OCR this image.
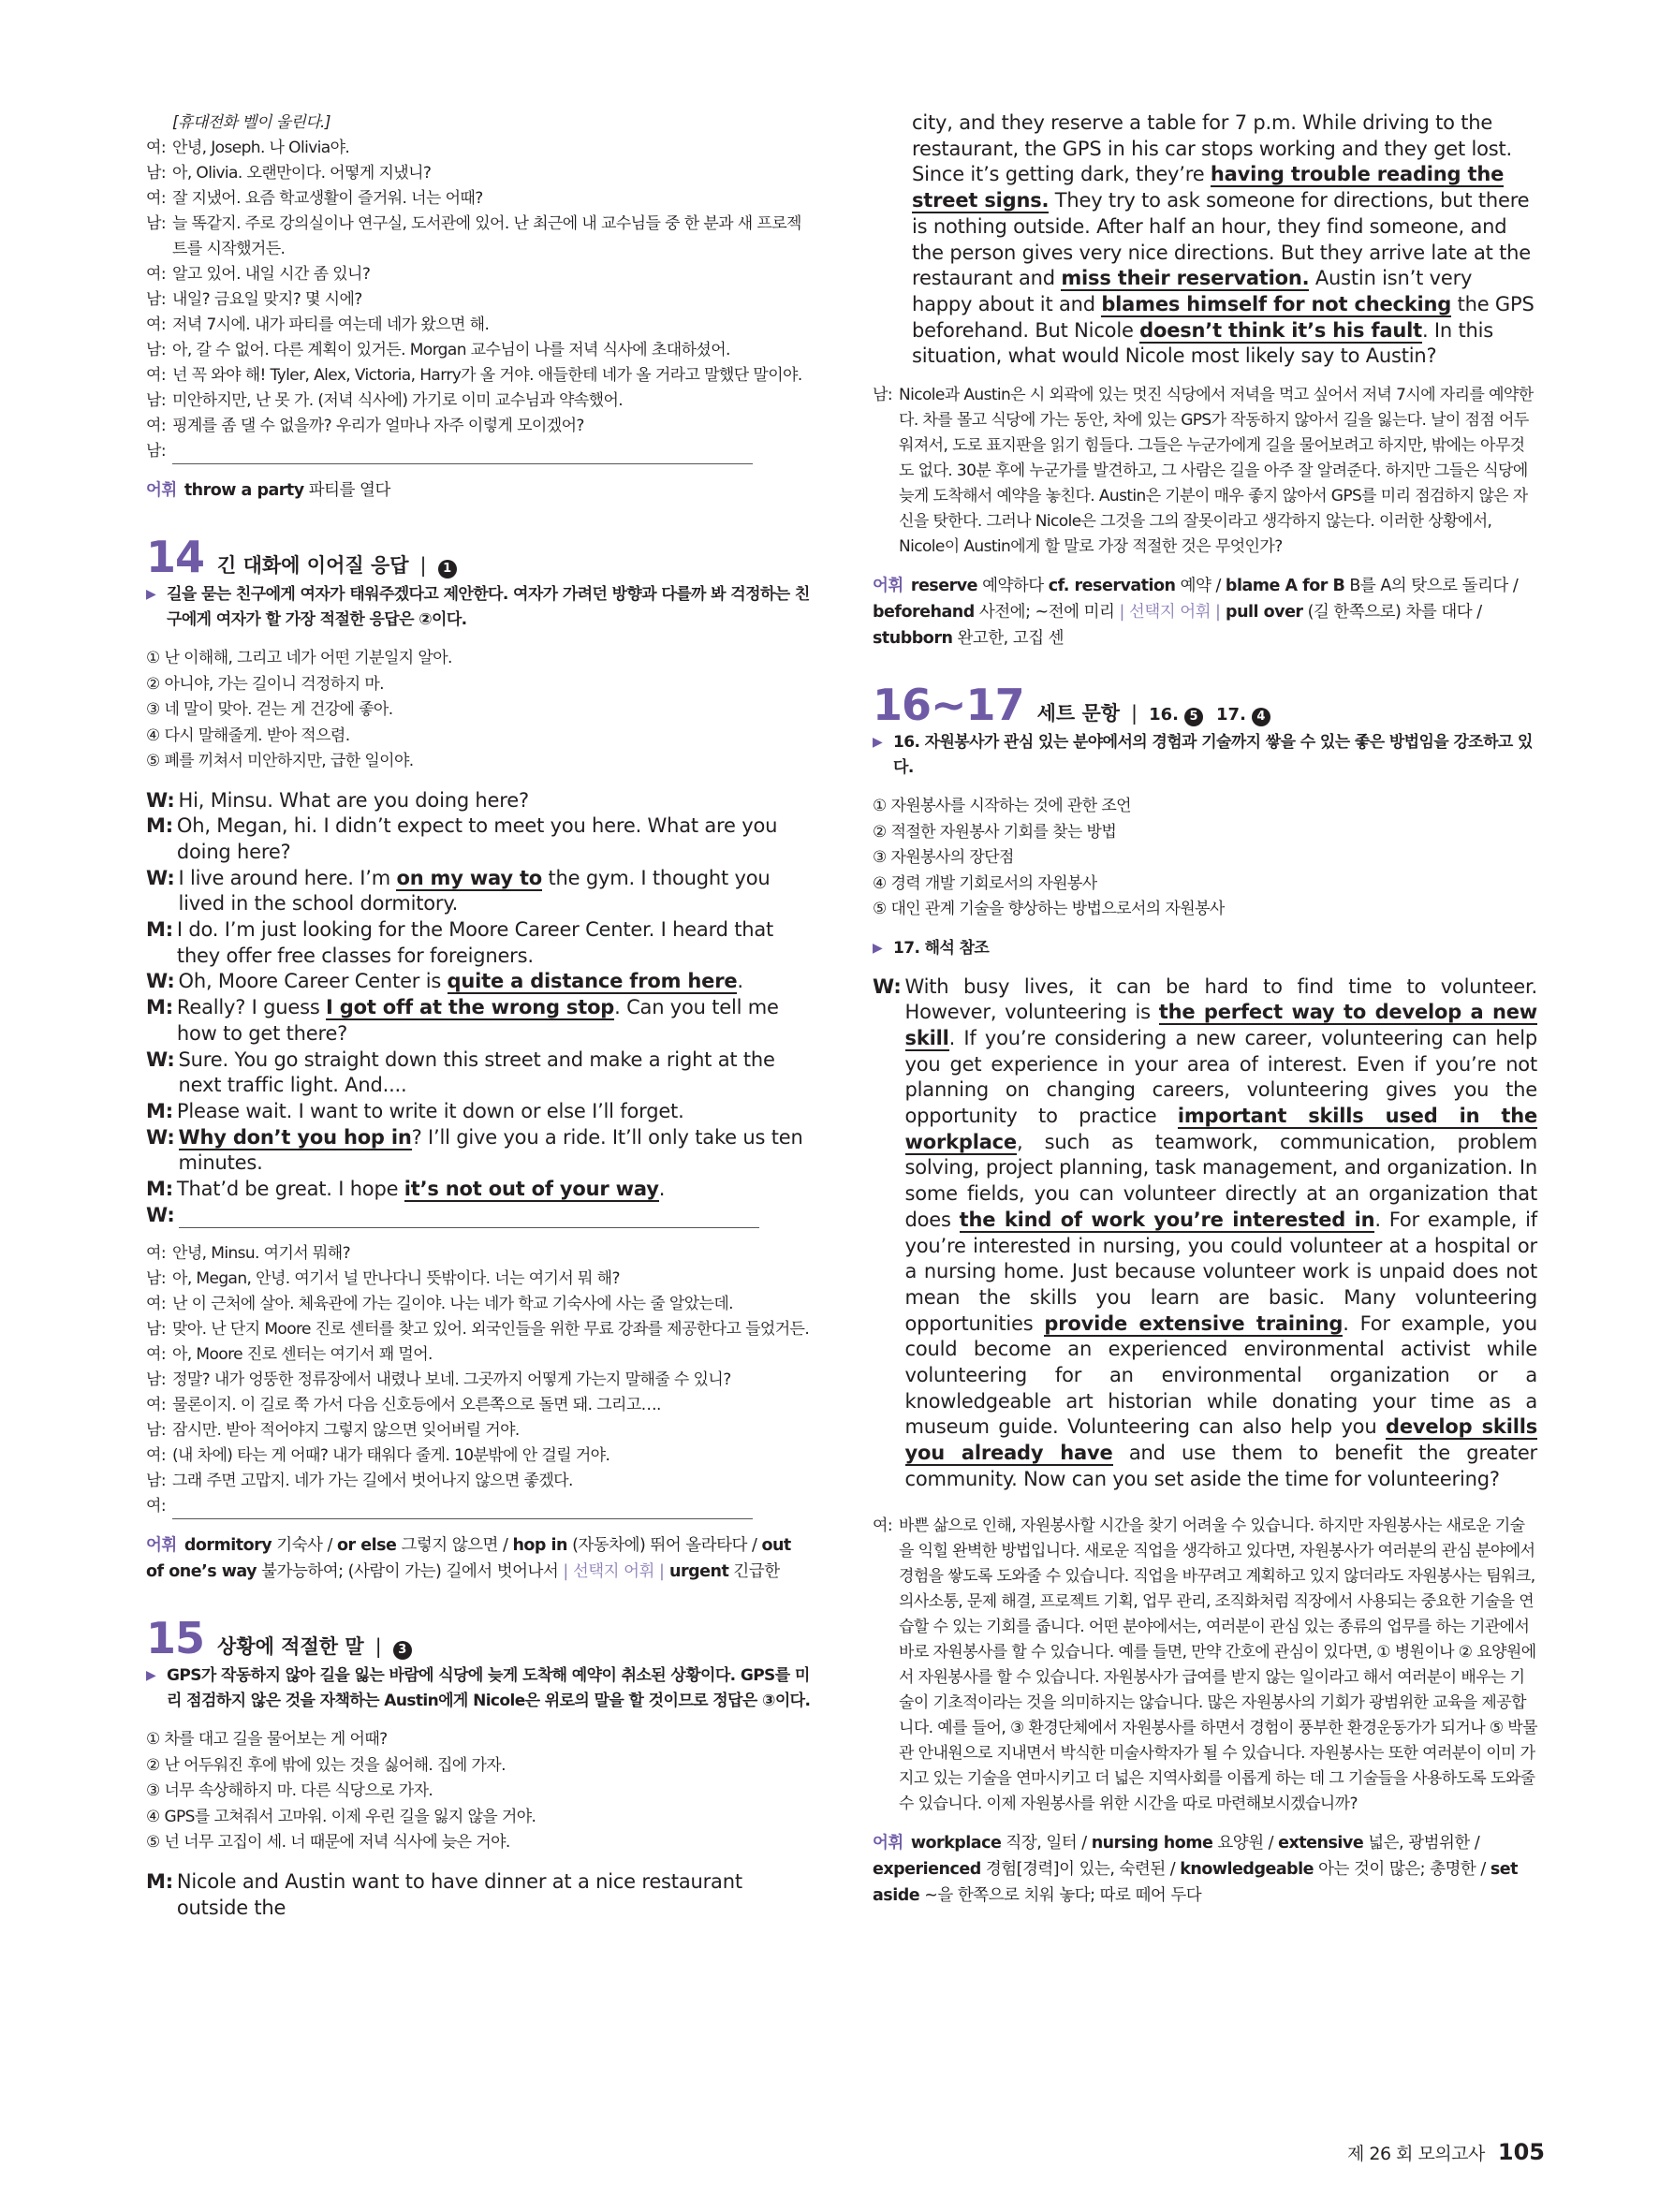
[휴대전화 벨이 울린다.]
여: 안녕, Joseph. 나 Olivia야.
남: 아, Olivia. 오랜만이다. 어떻게 지냈니?
여: 잘 지냈어. 요즘 학교생활이 즐거워. 너는 어때?
남: 늘 똑같지. 주로 강의실이나 연구실, 도서관에 있어. 난 최근에 내 교수님들 중 한 분과 새 프로젝트를 시작했거든.
여: 알고 있어. 내일 시간 좀 있니?
남: 내일? 금요일 맞지? 몇 시에?
여: 저녁 7시에. 내가 파티를 여는데 네가 왔으면 해.
남: 아, 갈 수 없어. 다른 계획이 있거든. Morgan 교수님이 나를 저녁 식사에 초대하셨어.
여: 넌 꼭 와야 해! Tyler, Alex, Victoria, Harry가 올 거야. 애들한테 네가 올 거라고 말했단 말이야.
남: 미안하지만, 난 못 가. (저녁 식사에) 가기로 이미 교수님과 약속했어.
여: 핑계를 좀 댈 수 없을까? 우리가 얼마나 자주 이렇게 모이겠어?
남:

어휘 throw a party 파티를 열다

14 긴 대화에 이어질 응답 |	1
▶ 길을 묻는 친구에게 여자가 태워주겠다고 제안한다. 여자가 가려던 방향과 다를까 봐 걱정하는 친구에게 여자가 할 가장 적절한 응답은 ②이다.

① 난 이해해, 그리고 네가 어떤 기분일지 알아.

② 아니야, 가는 길이니 걱정하지 마.

③ 네 말이 맞아. 걷는 게 건강에 좋아.

④ 다시 말해줄게. 받아 적으렴.

⑤ 폐를 끼쳐서 미안하지만, 급한 일이야.

W: Hi, Minsu. What are you doing here?
M: Oh, Megan, hi. I didn’t expect to meet you here. What are you doing here?
W: I live around here. I’m on my way to the gym. I thought you lived in the school dormitory.
M: I do. I’m just looking for the Moore Career Center. I heard that they offer free classes for foreigners.
W: Oh, Moore Career Center is quite a distance from here.
M: Really? I guess I got off at the wrong stop. Can you tell me how to get there?
W: Sure. You go straight down this street and make a right at the next traffic light. And....
M: Please wait. I want to write it down or else I’ll forget.
W: Why don’t you hop in? I’ll give you a ride. It’ll only take us ten minutes.
M: That’d be great. I hope it’s not out of your way.
W:
여: 안녕, Minsu. 여기서 뭐해?
남: 아, Megan, 안녕. 여기서 널 만나다니 뜻밖이다. 너는 여기서 뭐 해?
여: 난 이 근처에 살아. 체육관에 가는 길이야. 나는 네가 학교 기숙사에 사는 줄 알았는데.
남: 맞아. 난 단지 Moore 진로 센터를 찾고 있어. 외국인들을 위한 무료 강좌를 제공한다고 들었거든.
여: 아, Moore 진로 센터는 여기서 꽤 멀어.
남: 정말? 내가 엉뚱한 정류장에서 내렸나 보네. 그곳까지 어떻게 가는지 말해줄 수 있니?
여: 물론이지. 이 길로 쭉 가서 다음 신호등에서 오른쪽으로 돌면 돼. 그리고….
남: 잠시만. 받아 적어야지 그렇지 않으면 잊어버릴 거야.
여: (내 차에) 타는 게 어때? 내가 태워다 줄게. 10분밖에 안 걸릴 거야.
남: 그래 주면 고맙지. 네가 가는 길에서 벗어나지 않으면 좋겠다.
여:

어휘 dormitory 기숙사 / or else 그렇지 않으면 / hop in (자동차에) 뛰어 올라타다 / out of one’s way 불가능하여; (사람이 가는) 길에서 벗어나서 | 선택지 어휘 | urgent 긴급한

15 상황에 적절한 말 |	3
▶ GPS가 작동하지 않아 길을 잃는 바람에 식당에 늦게 도착해 예약이 취소된 상황이다. GPS를 미리 점검하지 않은 것을 자책하는 Austin에게 Nicole은 위로의 말을 할 것이므로 정답은 ③이다.

① 차를 대고 길을 물어보는 게 어때?

② 난 어두워진 후에 밖에 있는 것을 싫어해. 집에 가자.

③ 너무 속상해하지 마. 다른 식당으로 가자.

④ GPS를 고쳐줘서 고마워. 이제 우린 길을 잃지 않을 거야.

⑤ 넌 너무 고집이 세. 너 때문에 저녁 식사에 늦은 거야.

M: Nicole and Austin want to have dinner at a nice restaurant outside the
city, and they reserve a table for 7 p.m. While driving to the restaurant, the GPS in his car stops working and they get lost. Since it’s getting dark, they’re having trouble reading the street signs. They try to ask someone for directions, but there is nothing outside. After half an hour, they find someone, and the person gives very nice directions. But they arrive late at the restaurant and miss their reservation. Austin isn’t very happy about it and blames himself for not checking the GPS beforehand. But Nicole doesn’t think it’s his fault. In this situation, what would Nicole most likely say to Austin?
남: Nicole과 Austin은 시 외곽에 있는 멋진 식당에서 저녁을 먹고 싶어서 저녁 7시에 자리를 예약한다. 차를 몰고 식당에 가는 동안, 차에 있는 GPS가 작동하지 않아서 길을 잃는다. 날이 점점 어두워져서, 도로 표지판을 읽기 힘들다. 그들은 누군가에게 길을 물어보려고 하지만, 밖에는 아무것도 없다. 30분 후에 누군가를 발견하고, 그 사람은 길을 아주 잘 알려준다. 하지만 그들은 식당에 늦게 도착해서 예약을 놓친다. Austin은 기분이 매우 좋지 않아서 GPS를 미리 점검하지 않은 자신을 탓한다. 그러나 Nicole은 그것을 그의 잘못이라고 생각하지 않는다. 이러한 상황에서, Nicole이 Austin에게 할 말로 가장 적절한 것은 무엇인가?

어휘 reserve 예약하다 cf. reservation 예약 / blame A for B B를 A의 탓으로 돌리다 / beforehand 사전에; ~전에 미리 | 선택지 어휘 | pull over (길 한쪽으로) 차를 대다 / stubborn 완고한, 고집 센

16~17 세트 문항 | 16. 5	17. 4
▶ 16. 자원봉사가 관심 있는 분야에서의 경험과 기술까지 쌓을 수 있는 좋은 방법임을 강조하고 있다.

① 자원봉사를 시작하는 것에 관한 조언

② 적절한 자원봉사 기회를 찾는 방법

③ 자원봉사의 장단점

④ 경력 개발 기회로서의 자원봉사

⑤ 대인 관계 기술을 향상하는 방법으로서의 자원봉사

▶ 17. 해석 참조
W: With busy lives, it can be hard to find time to volunteer. However, volunteering is the perfect way to develop a new skill. If you’re considering a new career, volunteering can help you get experience in your area of interest. Even if you’re not planning on changing careers, volunteering gives you the opportunity to practice important skills used in the workplace, such as teamwork, communication, problem solving, project planning, task management, and organization. In some fields, you can volunteer directly at an organization that does the kind of work you’re interested in. For example, if you’re interested in nursing, you could volunteer at a hospital or a nursing home. Just because volunteer work is unpaid does not mean the skills you learn are basic. Many volunteering opportunities provide extensive training. For example, you could become an experienced environmental activist while volunteering for an environmental organization or a knowledgeable art historian while donating your time as a museum guide. Volunteering can also help you develop skills you already have and use them to benefit the greater community. Now can you set aside the time for volunteering?
여: 바쁜 삶으로 인해, 자원봉사할 시간을 찾기 어려울 수 있습니다. 하지만 자원봉사는 새로운 기술을 익힐 완벽한 방법입니다. 새로운 직업을 생각하고 있다면, 자원봉사가 여러분의 관심 분야에서 경험을 쌓도록 도와줄 수 있습니다. 직업을 바꾸려고 계획하고 있지 않더라도 자원봉사는 팀워크, 의사소통, 문제 해결, 프로젝트 기획, 업무 관리, 조직화처럼 직장에서 사용되는 중요한 기술을 연습할 수 있는 기회를 줍니다. 어떤 분야에서는, 여러분이 관심 있는 종류의 업무를 하는 기관에서 바로 자원봉사를 할 수 있습니다. 예를 들면, 만약 간호에 관심이 있다면, ① 병원이나 ② 요양원에서 자원봉사를 할 수 있습니다. 자원봉사가 급여를 받지 않는 일이라고 해서 여러분이 배우는 기술이 기초적이라는 것을 의미하지는 않습니다. 많은 자원봉사의 기회가 광범위한 교육을 제공합니다. 예를 들어, ③ 환경단체에서 자원봉사를 하면서 경험이 풍부한 환경운동가가 되거나 ⑤ 박물관 안내원으로 지내면서 박식한 미술사학자가 될 수 있습니다. 자원봉사는 또한 여러분이 이미 가지고 있는 기술을 연마시키고 더 넓은 지역사회를 이롭게 하는 데 그 기술들을 사용하도록 도와줄 수 있습니다. 이제 자원봉사를 위한 시간을 따로 마련해보시겠습니까?

어휘 workplace 직장, 일터 / nursing home 요양원 / extensive 넓은, 광범위한 / experienced 경험[경력]이 있는, 숙련된 / knowledgeable 아는 것이 많은; 총명한 / set aside ~을 한쪽으로 치워 놓다; 따로 떼어 두다

제 26 회 모의고사 105
